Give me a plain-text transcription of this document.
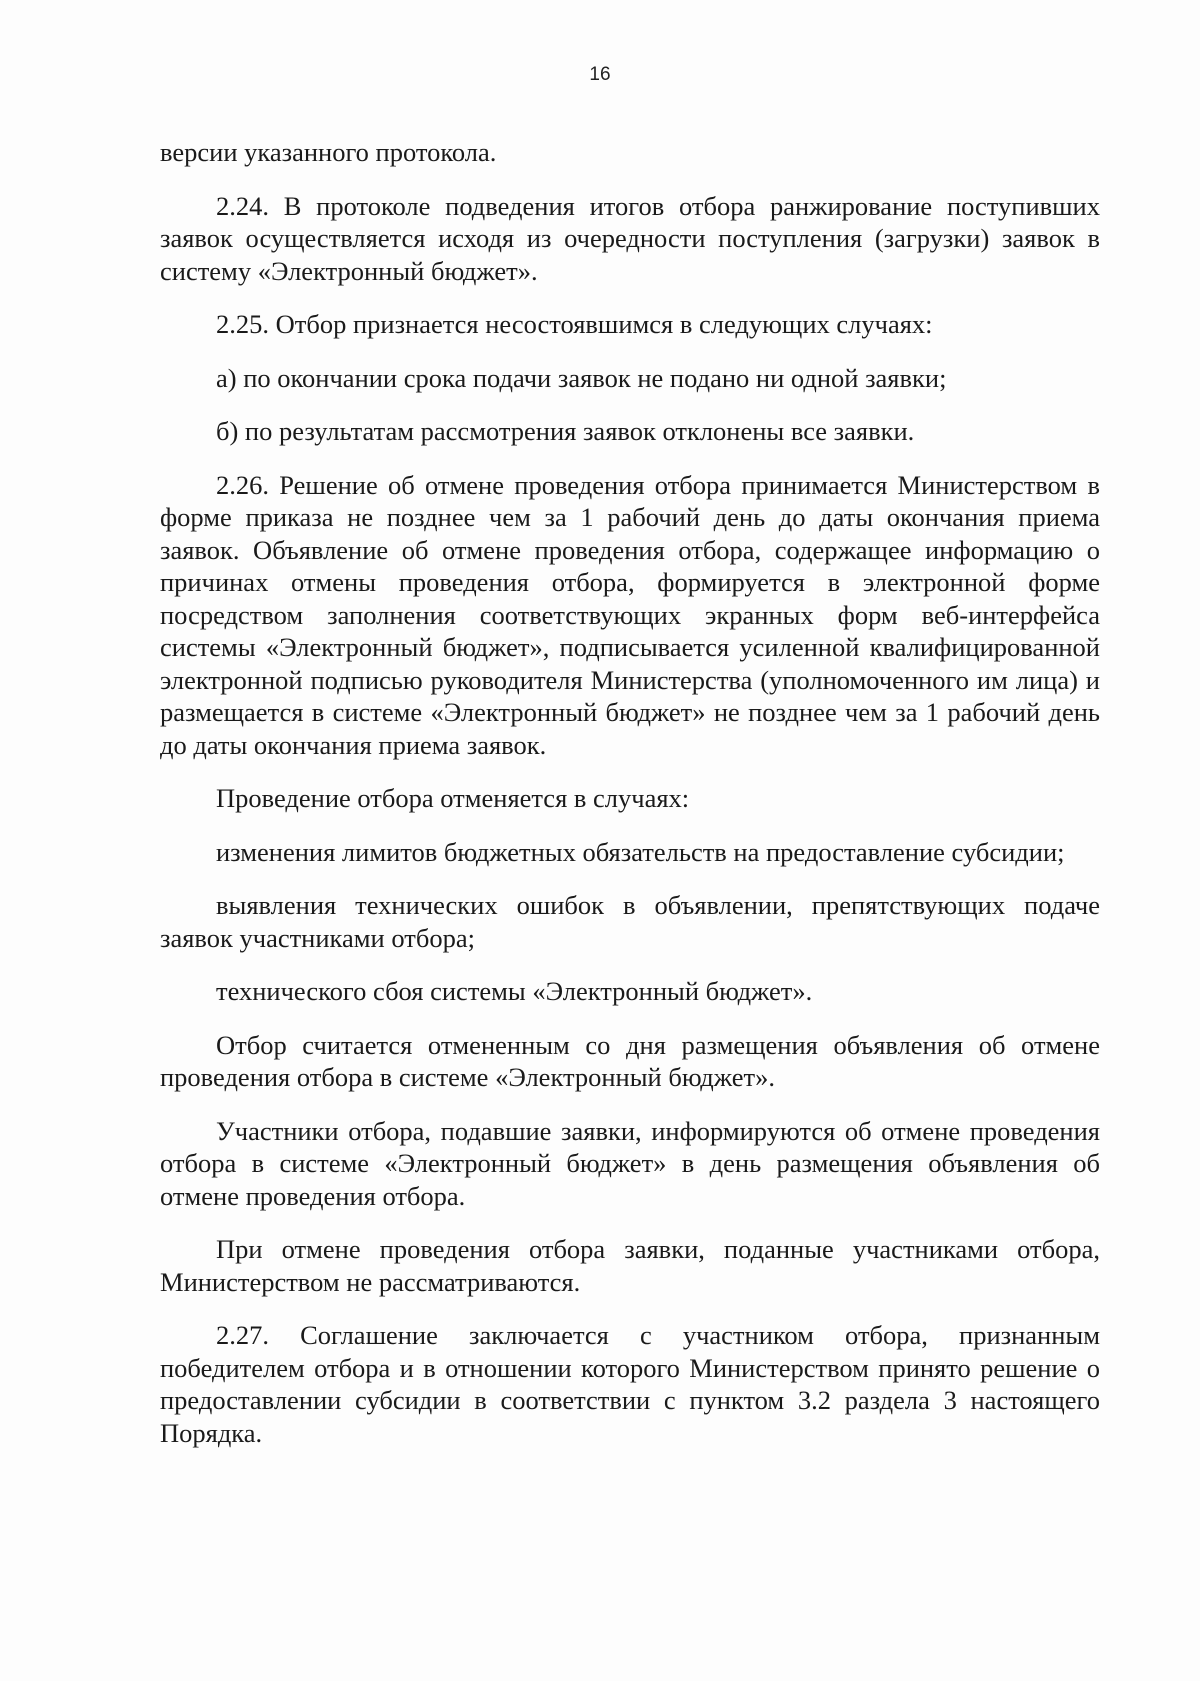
16

версии указанного протокола.

2.24. В протоколе подведения итогов отбора ранжирование поступивших заявок осуществляется исходя из очередности поступления (загрузки) заявок в систему «Электронный бюджет».

2.25. Отбор признается несостоявшимся в следующих случаях:

а) по окончании срока подачи заявок не подано ни одной заявки;

б) по результатам рассмотрения заявок отклонены все заявки.

2.26. Решение об отмене проведения отбора принимается Министерством в форме приказа не позднее чем за 1 рабочий день до даты окончания приема заявок. Объявление об отмене проведения отбора, содержащее информацию о причинах отмены проведения отбора, формируется в электронной форме посредством заполнения соответствующих экранных форм веб-интерфейса системы «Электронный бюджет», подписывается усиленной квалифицированной электронной подписью руководителя Министерства (уполномоченного им лица) и размещается в системе «Электронный бюджет» не позднее чем за 1 рабочий день до даты окончания приема заявок.

Проведение отбора отменяется в случаях:

изменения лимитов бюджетных обязательств на предоставление субсидии;

выявления технических ошибок в объявлении, препятствующих подаче заявок участниками отбора;

технического сбоя системы «Электронный бюджет».

Отбор считается отмененным со дня размещения объявления об отмене проведения отбора в системе «Электронный бюджет».

Участники отбора, подавшие заявки, информируются об отмене проведения отбора в системе «Электронный бюджет» в день размещения объявления об отмене проведения отбора.

При отмене проведения отбора заявки, поданные участниками отбора, Министерством не рассматриваются.

2.27. Соглашение заключается с участником отбора, признанным победителем отбора и в отношении которого Министерством принято решение о предоставлении субсидии в соответствии с пунктом 3.2 раздела 3 настоящего Порядка.
